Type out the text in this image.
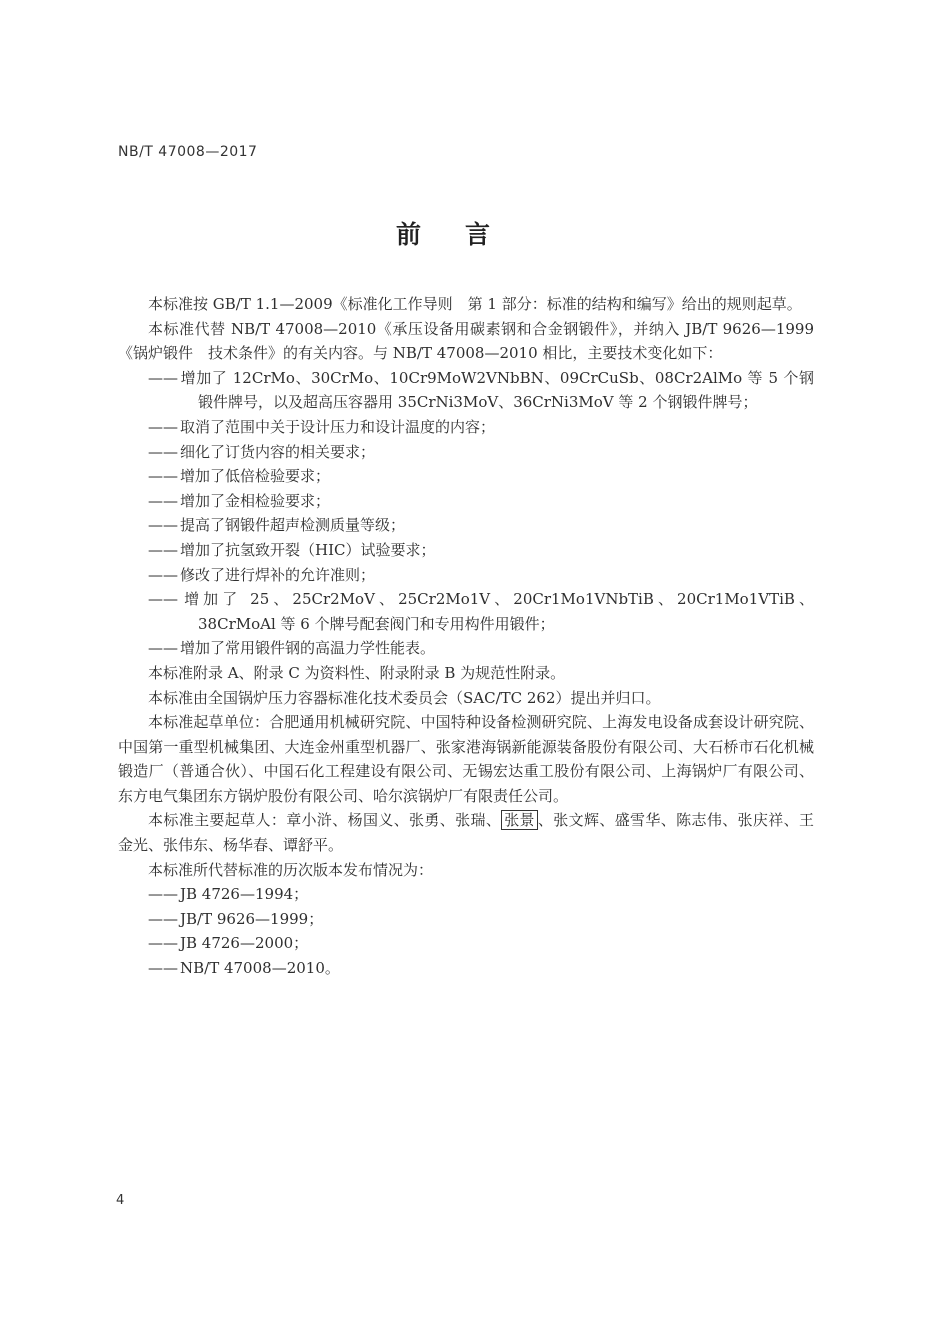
NB/T 47008—2017
前言

本标准按 GB/T 1.1—2009《标准化工作导则　第 1 部分：标准的结构和编写》给出的规则起草。

本标准代替 NB/T 47008—2010《承压设备用碳素钢和合金钢锻件》，并纳入 JB/T 9626—1999《锅炉锻件　技术条件》的有关内容。与 NB/T 47008—2010 相比，主要技术变化如下：

—— 增加了 12CrMo、30CrMo、10Cr9MoW2VNbBN、09CrCuSb、08Cr2AlMo 等 5 个钢锻件牌号，以及超高压容器用 35CrNi3MoV、36CrNi3MoV 等 2 个钢锻件牌号；

—— 取消了范围中关于设计压力和设计温度的内容；

—— 细化了订货内容的相关要求；

—— 增加了低倍检验要求；

—— 增加了金相检验要求；

—— 提高了钢锻件超声检测质量等级；

—— 增加了抗氢致开裂（HIC）试验要求；

—— 修改了进行焊补的允许准则；

—— 增加了 25、25Cr2MoV、25Cr2Mo1V、20Cr1Mo1VNbTiB、20Cr1Mo1VTiB、38CrMoAl 等 6 个牌号配套阀门和专用构件用锻件；

—— 增加了常用锻件钢的高温力学性能表。

本标准附录 A、附录 C 为资料性、附录附录 B 为规范性附录。

本标准由全国锅炉压力容器标准化技术委员会（SAC/TC 262）提出并归口。

本标准起草单位：合肥通用机械研究院、中国特种设备检测研究院、上海发电设备成套设计研究院、中国第一重型机械集团、大连金州重型机器厂、张家港海锅新能源装备股份有限公司、大石桥市石化机械锻造厂（普通合伙）、中国石化工程建设有限公司、无锡宏达重工股份有限公司、上海锅炉厂有限公司、东方电气集团东方锅炉股份有限公司、哈尔滨锅炉厂有限责任公司。

本标准主要起草人：章小浒、杨国义、张勇、张瑞、 张景 、张文辉、盛雪华、陈志伟、张庆祥、王金光、张伟东、杨华春、谭舒平。

本标准所代替标准的历次版本发布情况为：

—— JB 4726—1994；

—— JB/T 9626—1999；

—— JB 4726—2000；

—— NB/T 47008—2010。

4
